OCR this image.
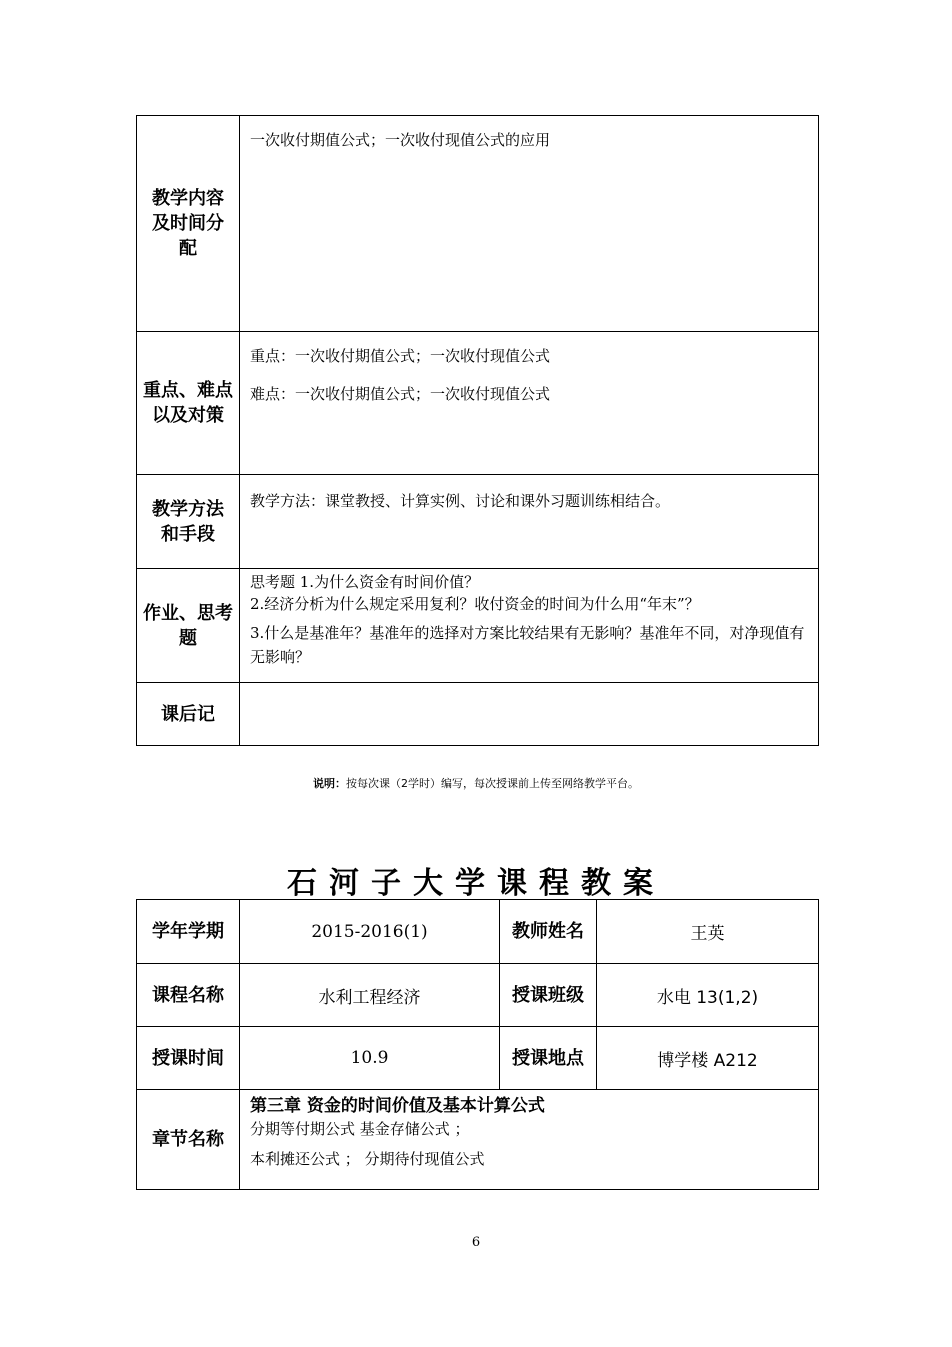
教学内容及时间分配	一次收付期值公式；一次收付现值公式的应用

重点、难点以及对策	重点：一次收付期值公式；一次收付现值公式
难点：一次收付期值公式；一次收付现值公式

教学方法和手段	教学方法：课堂教授、计算实例、讨论和课外习题训练相结合。

作业、思考题	思考题 1.为什么资金有时间价值？
2.经济分析为什么规定采用复利？收付资金的时间为什么用“年末”？
3.什么是基准年？基准年的选择对方案比较结果有无影响？基准年不同，对净现值有无影响？

课后记	

说明：按每次课（2学时）编写，每次授课前上传至网络教学平台。
石河子大学课程教案
学年学期	2015-2016(1)	教师姓名	王英
课程名称	水利工程经济	授课班级	水电 13(1,2)
授课时间	10.9	授课地点	博学楼 A212
章节名称	第三章 资金的时间价值及基本计算公式
分期等付期公式 基金存储公式 ；
本利摊还公式 ； 分期待付现值公式		
6
